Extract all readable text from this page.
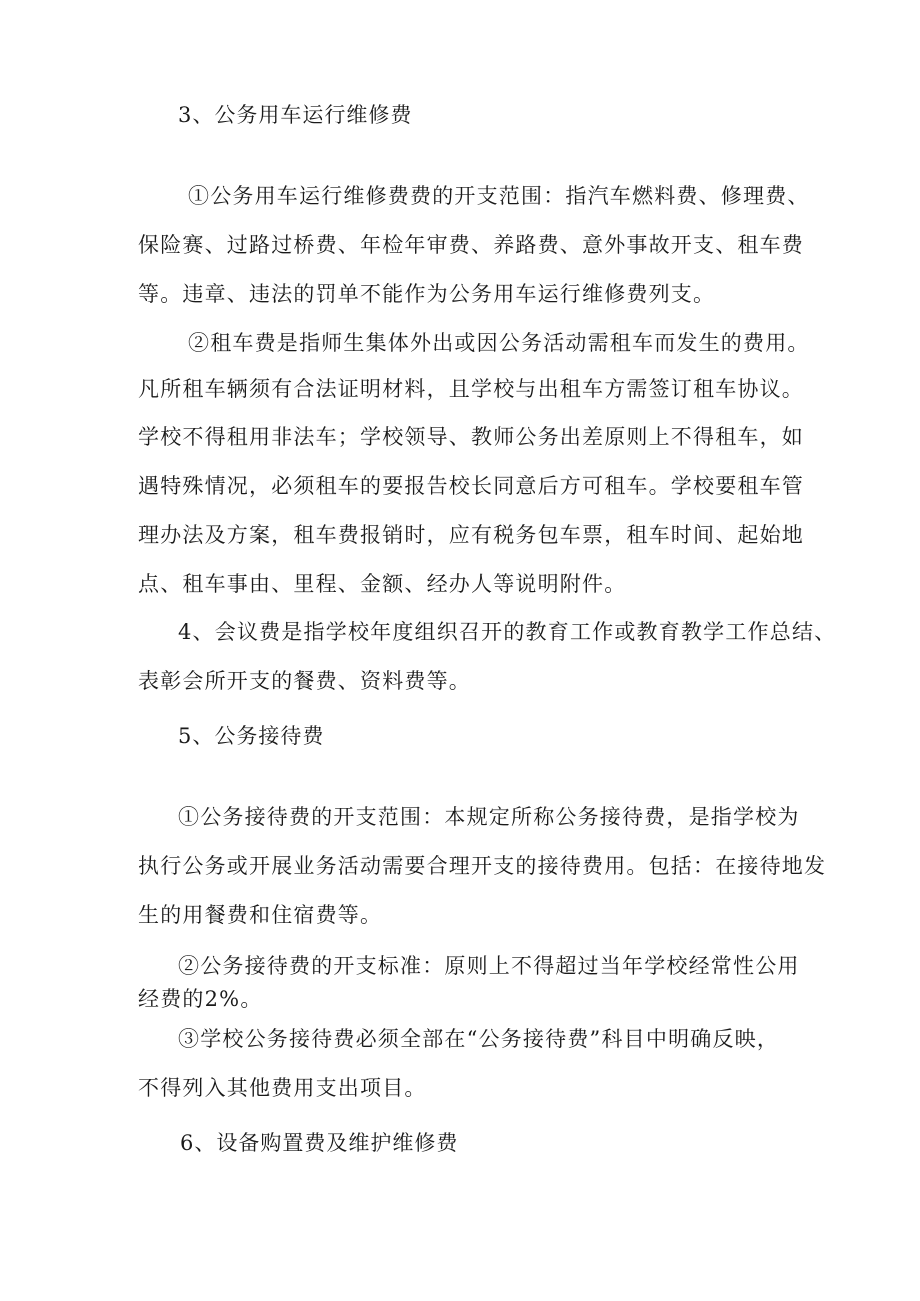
3、公务用车运行维修费
①公务用车运行维修费费的开支范围：指汽车燃料费、修理费、
保险赛、过路过桥费、年检年审费、养路费、意外事故开支、租车费
等。违章、违法的罚单不能作为公务用车运行维修费列支。
②租车费是指师生集体外出或因公务活动需租车而发生的费用。
凡所租车辆须有合法证明材料，且学校与出租车方需签订租车协议。
学校不得租用非法车；学校领导、教师公务出差原则上不得租车，如
遇特殊情况，必须租车的要报告校长同意后方可租车。学校要租车管
理办法及方案，租车费报销时，应有税务包车票，租车时间、起始地
点、租车事由、里程、金额、经办人等说明附件。
4、会议费是指学校年度组织召开的教育工作或教育教学工作总结、
表彰会所开支的餐费、资料费等。
5、公务接待费
①公务接待费的开支范围：本规定所称公务接待费，是指学校为
执行公务或开展业务活动需要合理开支的接待费用。包括：在接待地发
生的用餐费和住宿费等。
②公务接待费的开支标准：原则上不得超过当年学校经常性公用
经费的2%。
③学校公务接待费必须全部在“公务接待费”科目中明确反映，
不得列入其他费用支出项目。
6、设备购置费及维护维修费
